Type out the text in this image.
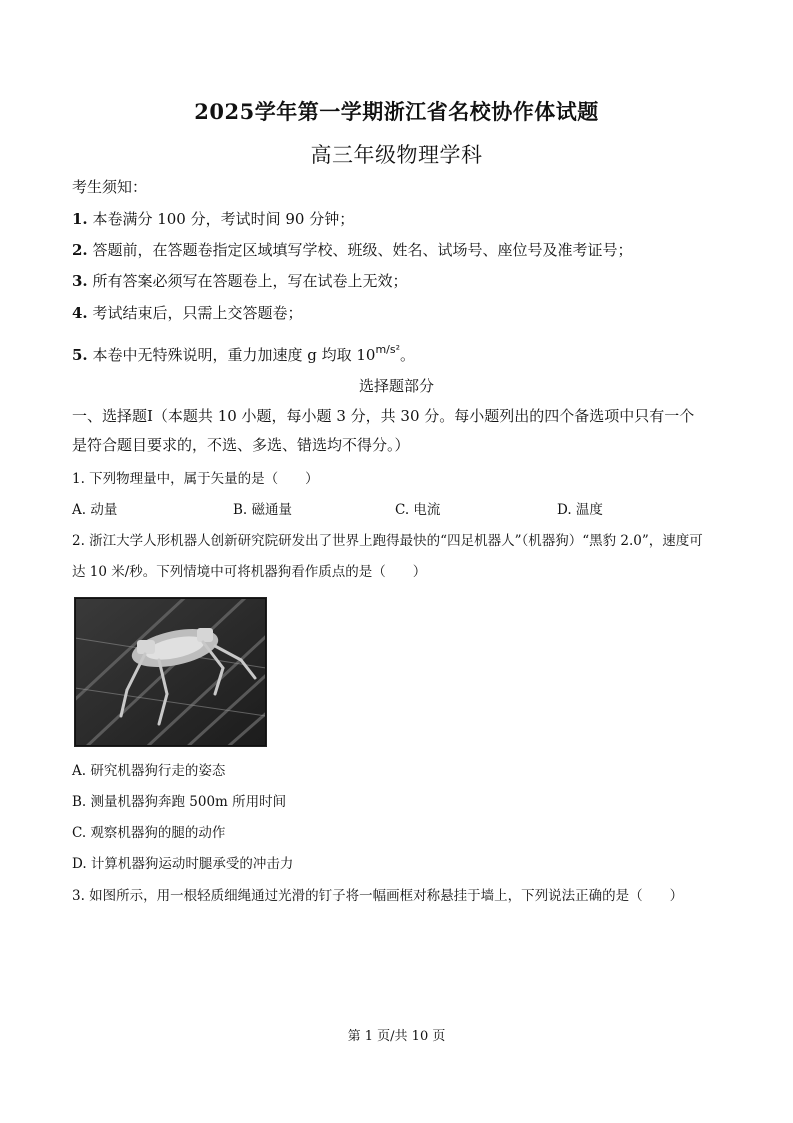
2025学年第一学期浙江省名校协作体试题
高三年级物理学科
考生须知：
1. 本卷满分 100 分，考试时间 90 分钟；
2. 答题前，在答题卷指定区域填写学校、班级、姓名、试场号、座位号及准考证号；
3. 所有答案必须写在答题卷上，写在试卷上无效；
4. 考试结束后，只需上交答题卷；
5. 本卷中无特殊说明，重力加速度 g 均取 $10^{m/s^2}$。
选择题部分
一、选择题Ⅰ（本题共 10 小题，每小题 3 分，共 30 分。每小题列出的四个备选项中只有一个
是符合题目要求的，不选、多选、错选均不得分。）
1. 下列物理量中，属于矢量的是（　　）
A. 动量	B. 磁通量	C. 电流	D. 温度
2. 浙江大学人形机器人创新研究院研发出了世界上跑得最快的“四足机器人”（机器狗）“黑豹 2.0”，速度可
达 10 米/秒。下列情境中可将机器狗看作质点的是（　　）
A. 研究机器狗行走的姿态
B. 测量机器狗奔跑 500m 所用时间
C. 观察机器狗的腿的动作
D. 计算机器狗运动时腿承受的冲击力
3. 如图所示，用一根轻质细绳通过光滑的钉子将一幅画框对称悬挂于墙上，下列说法正确的是（　　）
第 1 页/共 10 页
